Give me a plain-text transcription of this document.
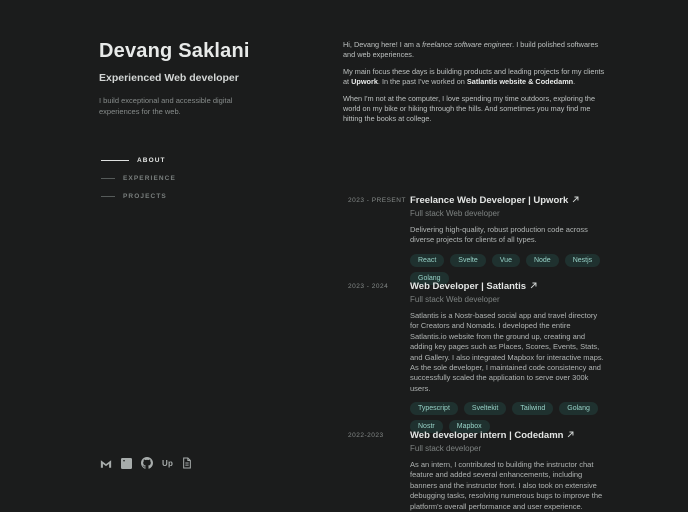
Devang Saklani
Experienced Web developer

I build exceptional and accessible digital experiences for the web.

ABOUT
EXPERIENCE
PROJECTS
Up

Hi, Devang here! I am a freelance software engineer. I build polished softwares and web experiences.

My main focus these days is building products and leading projects for my clients at Upwork. In the past I've worked on Satlantis website & Codedamn.

When I'm not at the computer, I love spending my time outdoors, exploring the world on my bike or hiking through the hills. And sometimes you may find me hitting the books at college.

2023 - PRESENT Freelance Web Developer | Upwork
Full stack Web developer

Delivering high-quality, robust production code across diverse projects for clients of all types.

React	Svelte	Vue	Node	Nestjs
Golang
2023 - 2024	Web Developer | Satlantis
Full stack Web developer

Satlantis is a Nostr-based social app and travel directory for Creators and Nomads. I developed the entire Satlantis.io website from the ground up, creating and adding key pages such as Places, Scores, Events, Stats, and Gallery. I also integrated Mapbox for interactive maps. As the sole developer, I maintained code consistency and successfully scaled the application to serve over 300k users.

Typescript	Sveltekit	Tailwind	Golang
Nostr	Mapbox
2022-2023	Web developer intern | Codedamn
Full stack developer

As an intern, I contributed to building the instructor chat feature and added several enhancements, including banners and the instructor front. I also took on extensive debugging tasks, resolving numerous bugs to improve the platform's overall performance and user experience.
